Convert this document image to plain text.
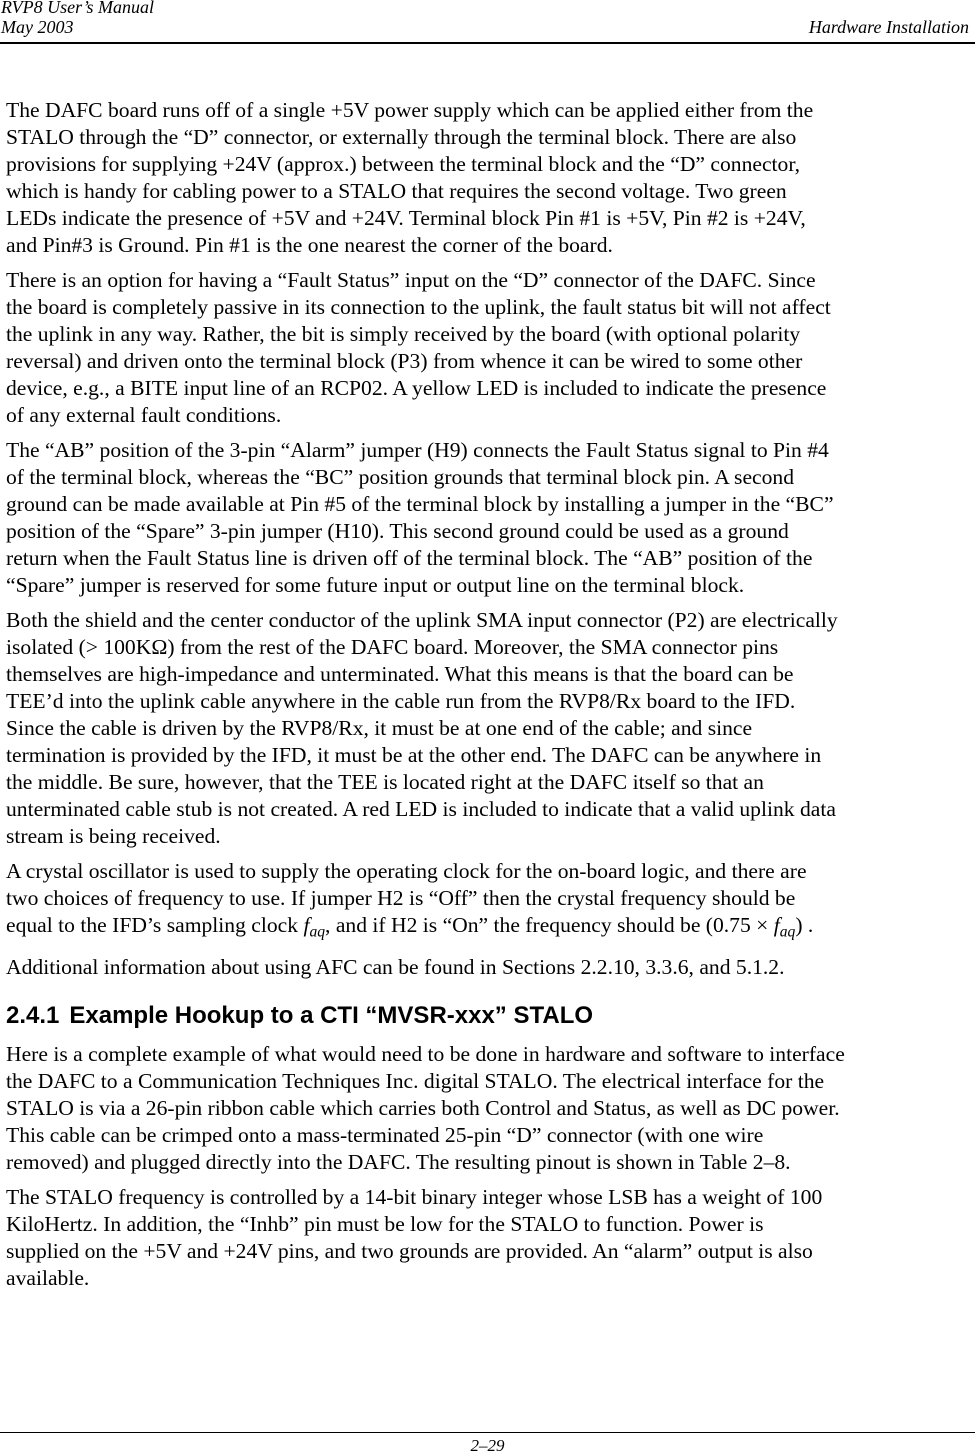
RVP8 User’s Manual
May 2003	Hardware Installation

The DAFC board runs off of a single +5V power supply which can be applied either from the
STALO through the “D” connector, or externally through the terminal block. There are also
provisions for supplying +24V (approx.) between the terminal block and the “D” connector,
which is handy for cabling power to a STALO that requires the second voltage. Two green
LEDs indicate the presence of +5V and +24V. Terminal block Pin #1 is +5V, Pin #2 is +24V,
and Pin#3 is Ground. Pin #1 is the one nearest the corner of the board.

There is an option for having a “Fault Status” input on the “D” connector of the DAFC. Since
the board is completely passive in its connection to the uplink, the fault status bit will not affect
the uplink in any way. Rather, the bit is simply received by the board (with optional polarity
reversal) and driven onto the terminal block (P3) from whence it can be wired to some other
device, e.g., a BITE input line of an RCP02. A yellow LED is included to indicate the presence
of any external fault conditions.

The “AB” position of the 3-pin “Alarm” jumper (H9) connects the Fault Status signal to Pin #4
of the terminal block, whereas the “BC” position grounds that terminal block pin. A second
ground can be made available at Pin #5 of the terminal block by installing a jumper in the “BC”
position of the “Spare” 3-pin jumper (H10). This second ground could be used as a ground
return when the Fault Status line is driven off of the terminal block. The “AB” position of the
“Spare” jumper is reserved for some future input or output line on the terminal block.

Both the shield and the center conductor of the uplink SMA input connector (P2) are electrically
isolated (> 100KΩ) from the rest of the DAFC board. Moreover, the SMA connector pins
themselves are high-impedance and unterminated. What this means is that the board can be
TEE’d into the uplink cable anywhere in the cable run from the RVP8/Rx board to the IFD.
Since the cable is driven by the RVP8/Rx, it must be at one end of the cable; and since
termination is provided by the IFD, it must be at the other end. The DAFC can be anywhere in
the middle. Be sure, however, that the TEE is located right at the DAFC itself so that an
unterminated cable stub is not created. A red LED is included to indicate that a valid uplink data
stream is being received.

A crystal oscillator is used to supply the operating clock for the on-board logic, and there are
two choices of frequency to use. If jumper H2 is “Off” then the crystal frequency should be
equal to the IFD’s sampling clock $f_{aq}$, and if H2 is “On” the frequency should be $(0.75 \times f_{aq})$ .

Additional information about using AFC can be found in Sections 2.2.10, 3.3.6, and 5.1.2.

2.4.1 Example Hookup to a CTI “MVSR-xxx” STALO

Here is a complete example of what would need to be done in hardware and software to interface
the DAFC to a Communication Techniques Inc. digital STALO. The electrical interface for the
STALO is via a 26-pin ribbon cable which carries both Control and Status, as well as DC power.
This cable can be crimped onto a mass-terminated 25-pin “D” connector (with one wire
removed) and plugged directly into the DAFC. The resulting pinout is shown in Table 2–8.

The STALO frequency is controlled by a 14-bit binary integer whose LSB has a weight of 100
KiloHertz. In addition, the “Inhb” pin must be low for the STALO to function. Power is
supplied on the +5V and +24V pins, and two grounds are provided. An “alarm” output is also
available.

2–29
